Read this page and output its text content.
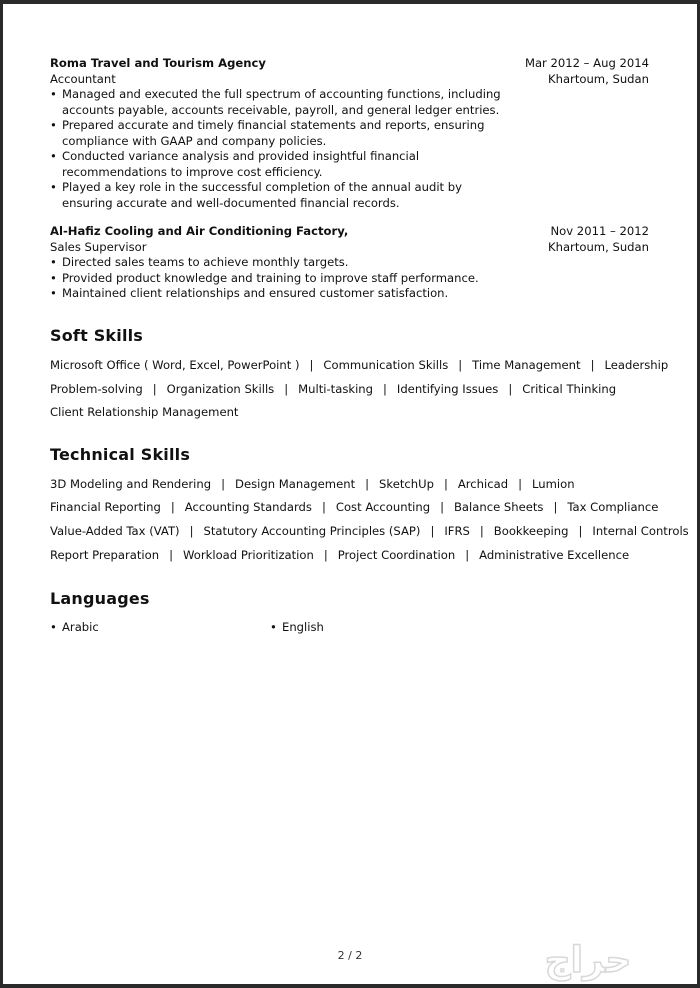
Roma Travel and Tourism Agency	Mar 2012 – Aug 2014
Accountant	Khartoum, Sudan
• Managed and executed the full spectrum of accounting functions, including accounts payable, accounts receivable, payroll, and general ledger entries.
• Prepared accurate and timely financial statements and reports, ensuring compliance with GAAP and company policies.
• Conducted variance analysis and provided insightful financial recommendations to improve cost efficiency.
• Played a key role in the successful completion of the annual audit by ensuring accurate and well-documented financial records.
Al-Hafiz Cooling and Air Conditioning Factory,	Nov 2011 – 2012
Sales Supervisor	Khartoum, Sudan
• Directed sales teams to achieve monthly targets.
• Provided product knowledge and training to improve staff performance.
• Maintained client relationships and ensured customer satisfaction.
Soft Skills
Microsoft Office ( Word, Excel, PowerPoint ) | Communication Skills | Time Management | Leadership
Problem-solving | Organization Skills | Multi-tasking | Identifying Issues | Critical Thinking
Client Relationship Management
Technical Skills
3D Modeling and Rendering | Design Management | SketchUp | Archicad | Lumion
Financial Reporting | Accounting Standards | Cost Accounting | Balance Sheets | Tax Compliance
Value-Added Tax (VAT) | Statutory Accounting Principles (SAP) | IFRS | Bookkeeping | Internal Controls
Report Preparation | Workload Prioritization | Project Coordination | Administrative Excellence
Languages
• Arabic
•	English
2 / 2	حراج
